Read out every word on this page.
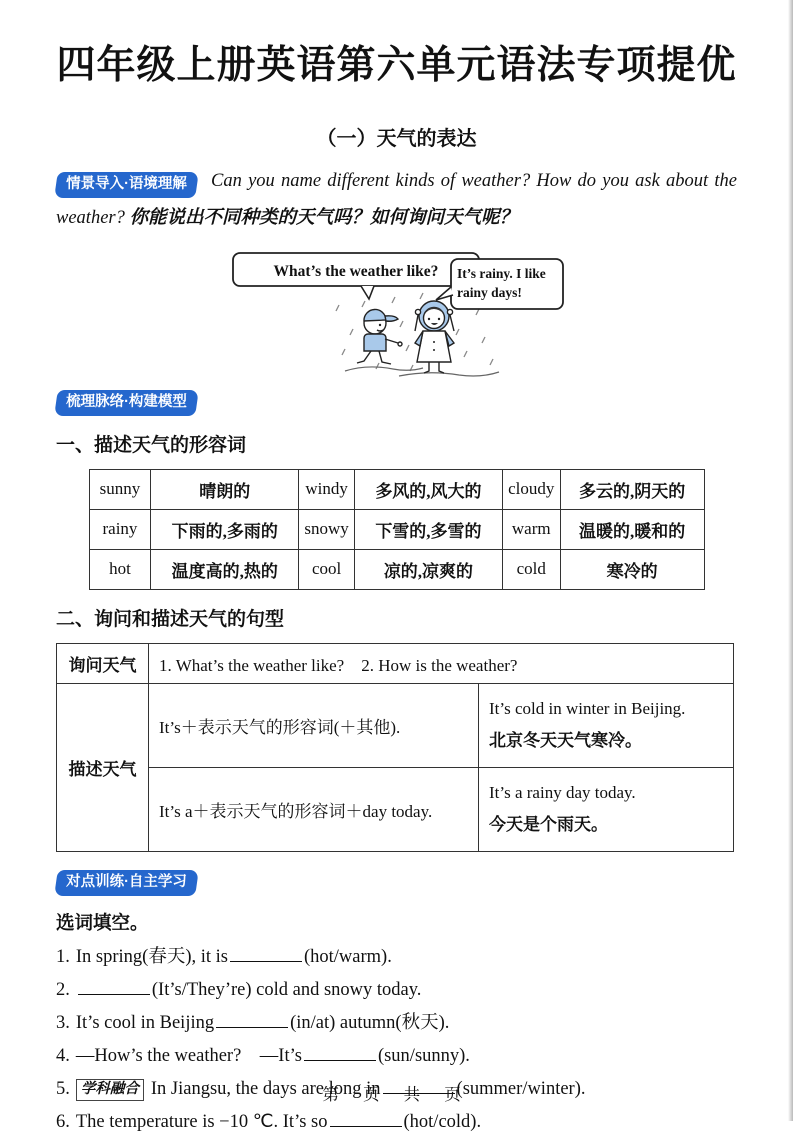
四年级上册英语第六单元语法专项提优
（一）天气的表达

情景导入·语境理解 Can you name different kinds of weather? How do you ask about the weather? 你能说出不同种类的天气吗？如何询问天气呢？

What’s the weather like? It’s rainy. I like
rainy days!
梳理脉络·构建模型
一、描述天气的形容词
sunny	晴朗的	windy	多风的,风大的	cloudy	多云的,阴天的
rainy	下雨的,多雨的	snowy	下雪的,多雪的	warm	温暖的,暖和的
hot	温度高的,热的	cool	凉的,凉爽的	cold	寒冷的
二、询问和描述天气的句型
询问天气	1. What’s the weather like?　2. How is the weather?	
描述天气	It’s＋表示天气的形容词(＋其他).	It’s cold in winter in Beijing.
北京冬天天气寒冷。

	It’s a＋表示天气的形容词＋day today.	It’s a rainy day today.
今天是个雨天。
对点训练·自主学习

选词填空。

1. In spring(春天), it is	(hot/warm).
2.	(It’s/They’re) cold and snowy today.
3. It’s cool in Beijing	(in/at) autumn(秋天).
4. —How’s the weather?　—It’s	(sun/sunny).
5. 学科融合 In Jiangsu, the days are long in	(summer/winter).
6. The temperature is −10 ℃. It’s so	(hot/cold).
第 页 共 页
